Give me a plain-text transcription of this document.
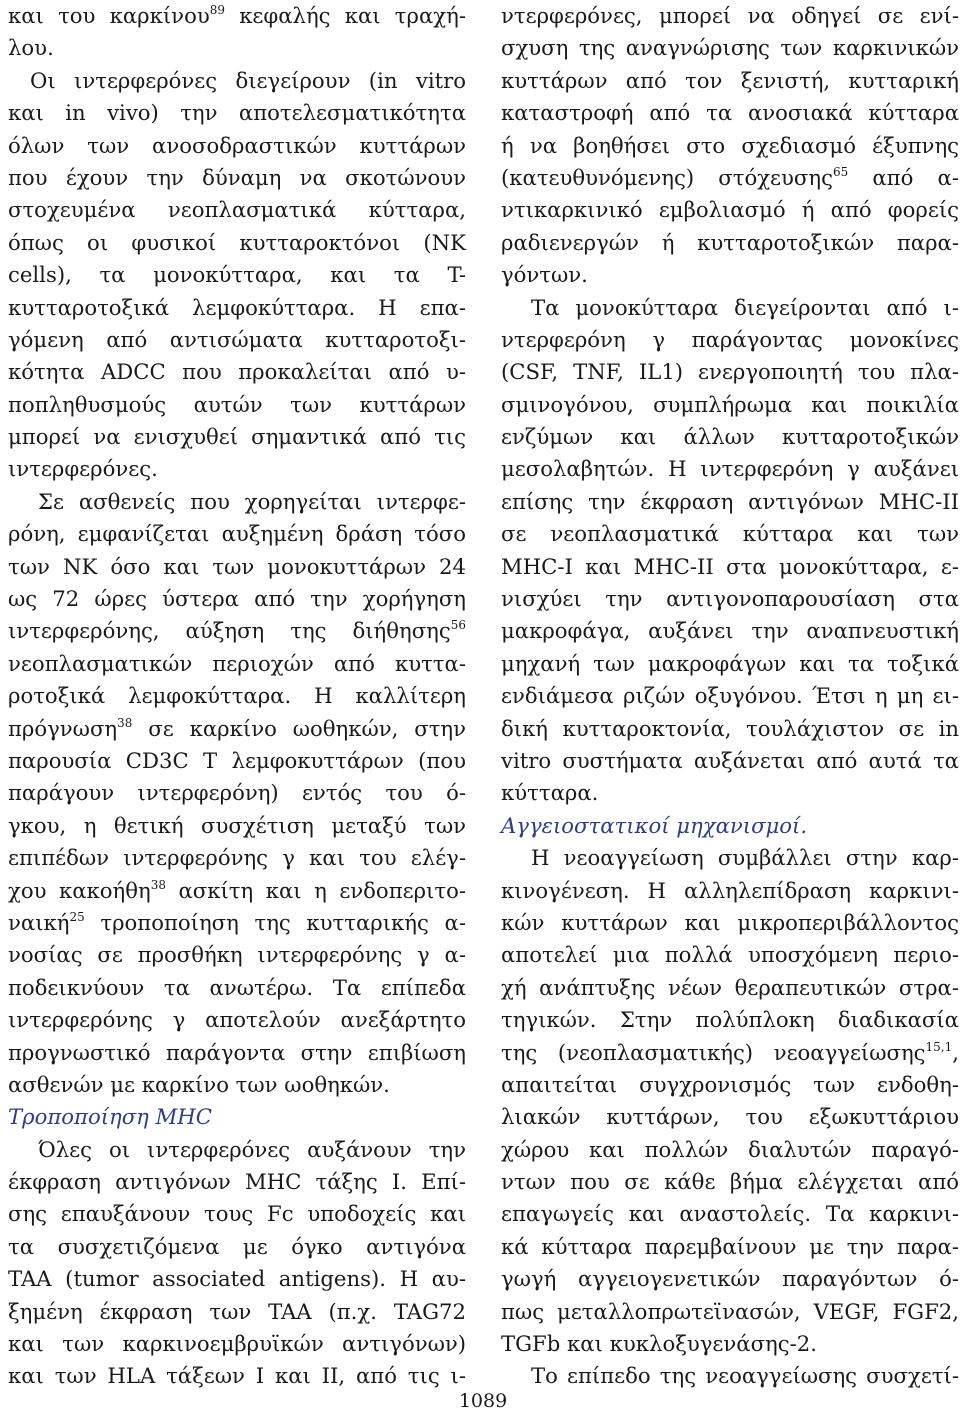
και του καρκίνου$^{89}$ κεφαλής και τραχή-
λου.
Οι ιντερφερόνες διεγείρουν (in vitro
και in vivo) την αποτελεσματικότητα
όλων των ανοσοδραστικών κυττάρων
που έχουν την δύναμη να σκοτώνουν
στοχευμένα νεοπλασματικά κύτταρα,
όπως οι φυσικοί κυτταροκτόνοι (NK
cells), τα μονοκύτταρα, και τα T-
κυτταροτοξικά λεμφοκύτταρα. Η επα-
γόμενη από αντισώματα κυτταροτοξι-
κότητα ADCC που προκαλείται από υ-
ποπληθυσμούς αυτών των κυττάρων
μπορεί να ενισχυθεί σημαντικά από τις
ιντερφερόνες.
Σε ασθενείς που χορηγείται ιντερφε-
ρόνη, εμφανίζεται αυξημένη δράση τόσο
των NK όσο και των μονοκυττάρων 24
ως 72 ώρες ύστερα από την χορήγηση
ιντερφερόνης, αύξηση της διήθησης$^{56}$
νεοπλασματικών περιοχών από κυττα-
ροτοξικά λεμφοκύτταρα. Η καλλίτερη
πρόγνωση$^{38}$ σε καρκίνο ωοθηκών, στην
παρουσία CD3C T λεμφοκυττάρων (που
παράγουν ιντερφερόνη) εντός του ό-
γκου, η θετική συσχέτιση μεταξύ των
επιπέδων ιντερφερόνης γ και του ελέγ-
χου κακοήθη$^{38}$ ασκίτη και η ενδοπεριτο-
ναική$^{25}$ τροποποίηση της κυτταρικής α-
νοσίας σε προσθήκη ιντερφερόνης γ α-
ποδεικνύουν τα ανωτέρω. Τα επίπεδα
ιντερφερόνης γ αποτελούν ανεξάρτητο
προγνωστικό παράγοντα στην επιβίωση
ασθενών με καρκίνο των ωοθηκών.
Τροποποίηση MHC
Όλες οι ιντερφερόνες αυξάνουν την
έκφραση αντιγόνων MHC τάξης I. Επί-
σης επαυξάνουν τους Fc υποδοχείς και
τα συσχετιζόμενα με όγκο αντιγόνα
TAA (tumor associated antigens). Η αυ-
ξημένη έκφραση των TAA (π.χ. TAG72
και των καρκινοεμβρυϊκών αντιγόνων)
και των HLA τάξεων I και II, από τις ι-
ντερφερόνες, μπορεί να οδηγεί σε ενί-
σχυση της αναγνώρισης των καρκινικών
κυττάρων από τον ξενιστή, κυτταρική
καταστροφή από τα ανοσιακά κύτταρα
ή να βοηθήσει στο σχεδιασμό έξυπνης
(κατευθυνόμενης) στόχευσης$^{65}$ από α-
ντικαρκινικό εμβολιασμό ή από φορείς
ραδιενεργών ή κυτταροτοξικών παρα-
γόντων.
Τα μονοκύτταρα διεγείρονται από ι-
ντερφερόνη γ παράγοντας μονοκίνες
(CSF, TNF, IL1) ενεργοποιητή του πλα-
σμινογόνου, συμπλήρωμα και ποικιλία
ενζύμων και άλλων κυτταροτοξικών
μεσολαβητών. Η ιντερφερόνη γ αυξάνει
επίσης την έκφραση αντιγόνων MHC-II
σε νεοπλασματικά κύτταρα και των
MHC-I και MHC-II στα μονοκύτταρα, ε-
νισχύει την αντιγονοπαρουσίαση στα
μακροφάγα, αυξάνει την αναπνευστική
μηχανή των μακροφάγων και τα τοξικά
ενδιάμεσα ριζών οξυγόνου. Έτσι η μη ει-
δική κυτταροκτονία, τουλάχιστον σε in
vitro συστήματα αυξάνεται από αυτά τα
κύτταρα.
Αγγειοστατικοί μηχανισμοί.
Η νεοαγγείωση συμβάλλει στην καρ-
κινογένεση. Η αλληλεπίδραση καρκινι-
κών κυττάρων και μικροπεριβάλλοντος
αποτελεί μια πολλά υποσχόμενη περιο-
χή ανάπτυξης νέων θεραπευτικών στρα-
τηγικών. Στην πολύπλοκη διαδικασία
της (νεοπλασματικής) νεοαγγείωσης$^{15,1}$,
απαιτείται συγχρονισμός των ενδοθη-
λιακών κυττάρων, του εξωκυττάριου
χώρου και πολλών διαλυτών παραγό-
ντων που σε κάθε βήμα ελέγχεται από
επαγωγείς και αναστολείς. Τα καρκινι-
κά κύτταρα παρεμβαίνουν με την παρα-
γωγή αγγειογενετικών παραγόντων ό-
πως μεταλλοπρωτεϊνασών, VEGF, FGF2,
TGFb και κυκλοξυγενάσης-2.
Το επίπεδο της νεοαγγείωσης συσχετί-
1089
